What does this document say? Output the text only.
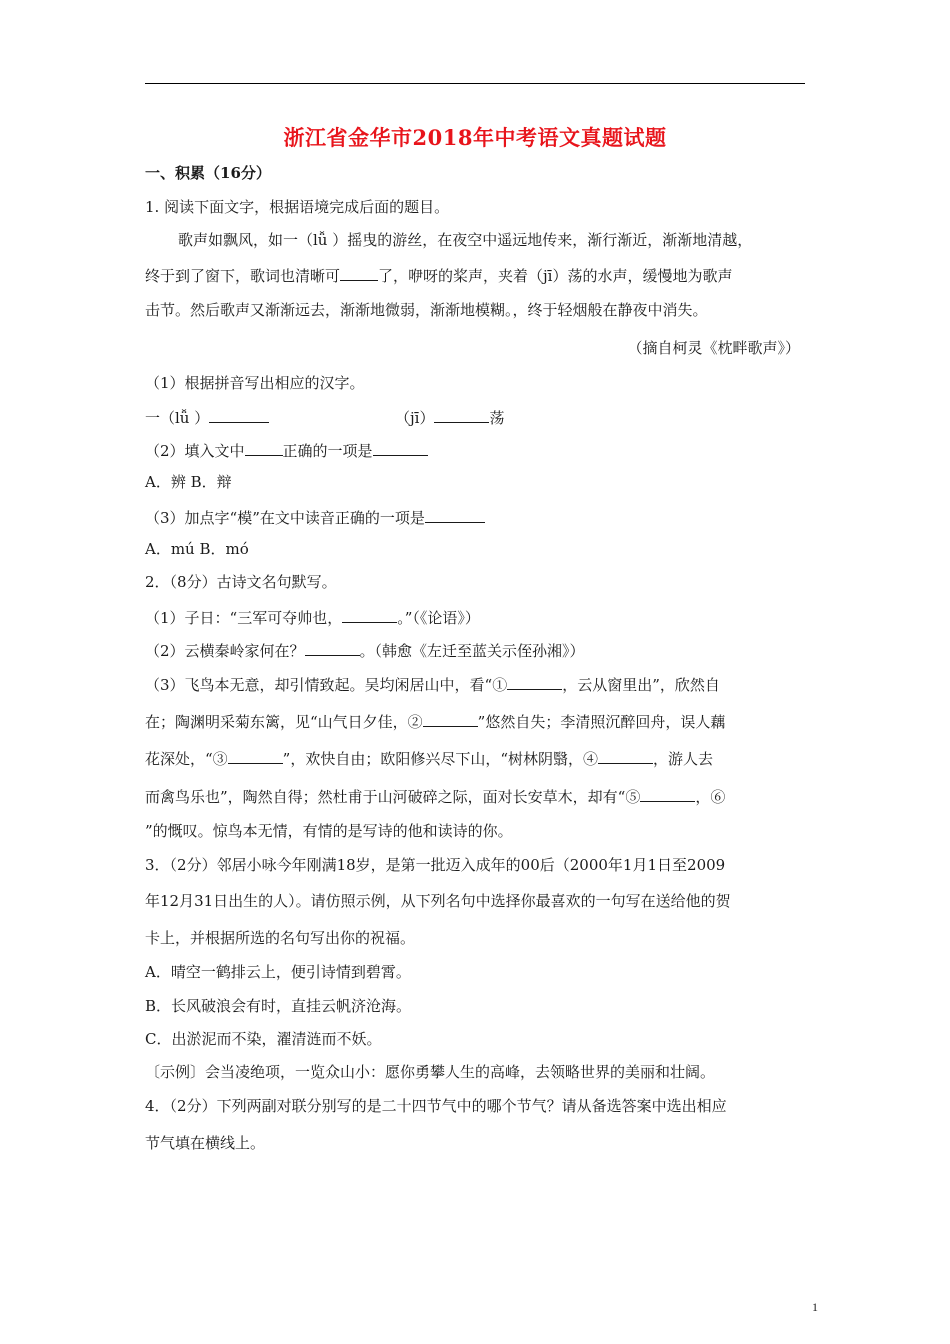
浙江省金华市2018年中考语文真题试题
一、积累（16分）
1. 阅读下面文字，根据语境完成后面的题目。
歌声如飘风，如一（lǚ ）摇曳的游丝，在夜空中遥远地传来，渐行渐近，渐渐地清越，
终于到了窗下，歌词也清晰可	了，咿呀的桨声，夹着（jī）荡的水声，缓慢地为歌声
击节。然后歌声又渐渐远去，渐渐地微弱，渐渐地模糊。，终于轻烟般在静夜中消失。
（摘自柯灵《枕畔歌声》）
（1）根据拼音写出相应的汉字。
一（lǚ ）	（jī）	荡
（2）填入文中	正确的一项是
A．辨 B．辩
（3）加点字“模”在文中读音正确的一项是
A．mú B．mó
2．（8分）古诗文名句默写。
（1）子日：“三军可夺帅也，	。”（《论语》）
（2）云横秦岭家何在？	。（韩愈《左迁至蓝关示侄孙湘》）
（3）飞鸟本无意，却引情致起。吴均闲居山中，看“①	，云从窗里出”，欣然自
在；陶渊明采菊东篱，见“山气日夕佳，②	”悠然自失；李清照沉醉回舟，误人藕
花深处，“③	”，欢快自由；欧阳修兴尽下山，“树林阴翳，④	，游人去
而禽鸟乐也”，陶然自得；然杜甫于山河破碎之际，面对长安草木，却有“⑤	，⑥
”的慨叹。惊鸟本无情，有情的是写诗的他和读诗的你。
3．（2分）邻居小咏今年刚满18岁，是第一批迈入成年的00后（2000年1月1日至2009
年12月31日出生的人）。请仿照示例，从下列名句中选择你最喜欢的一句写在送给他的贺
卡上，并根据所选的名句写出你的祝福。
A．晴空一鹤排云上，便引诗情到碧霄。
B．长风破浪会有时，直挂云帆济沧海。
C．出淤泥而不染，濯清涟而不妖。
〔示例〕会当凌绝项，一览众山小：愿你勇攀人生的高峰，去领略世界的美丽和壮阔。
4．（2分）下列两副对联分别写的是二十四节气中的哪个节气？请从备选答案中选出相应
节气填在横线上。
1
